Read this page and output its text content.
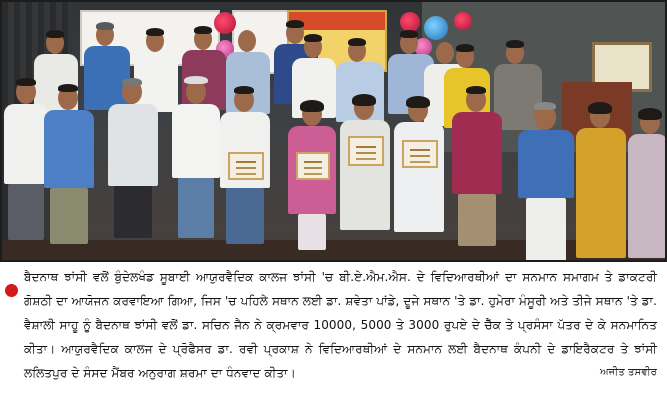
ਬੈਦਨਾਥ ਝਾਂਸੀ ਵਲੋਂ ਬੁੰਦੇਲਖੰਡ ਸੂਬਾਈ ਆਯੁਰਵੈਦਿਕ ਕਾਲਜ ਝਾਂਸੀ 'ਚ ਬੀ.ਏ.ਐਮ.ਐਸ. ਦੇ ਵਿਦਿਆਰਥੀਆਂ ਦਾ ਸਨਮਾਨ ਸਮਾਗਮ ਤੇ ਡਾਕਟਰੀ ਗੋਸ਼ਠੀ ਦਾ ਆਯੋਜਨ ਕਰਵਾਇਆ ਗਿਆ, ਜਿਸ 'ਚ ਪਹਿਲੇ ਸਥਾਨ ਲਈ ਡਾ. ਸ਼ਵੇਤਾ ਪਾਂਡੇ, ਦੂਜੇ ਸਥਾਨ 'ਤੇ ਡਾ. ਹੁਮੇਰਾ ਮੰਸੂਰੀ ਅਤੇ ਤੀਜੇ ਸਥਾਨ 'ਤੇ ਡਾ. ਵੈਸ਼ਾਲੀ ਸਾਹੂ ਨੂੰ ਬੈਦਨਾਥ ਝਾਂਸੀ ਵਲੋਂ ਡਾ. ਸਚਿਨ ਜੈਨ ਨੇ ਕ੍ਰਮਵਾਰ 10000, 5000 ਤੇ 3000 ਰੁਪਏ ਦੇ ਚੈੱਕ ਤੇ ਪ੍ਰਸੰਸਾ ਪੱਤਰ ਦੇ ਕੇ ਸਨਮਾਨਿਤ ਕੀਤਾ। ਆਯੁਰਵੈਦਿਕ ਕਾਲਜ ਦੇ ਪ੍ਰੋਫੈਸਰ ਡਾ. ਰਵੀ ਪ੍ਰਕਾਸ਼ ਨੇ ਵਿਦਿਆਰਥੀਆਂ ਦੇ ਸਨਮਾਨ ਲਈ ਬੈਦਨਾਥ ਕੰਪਨੀ ਦੇ ਡਾਇਰੈਕਟਰ ਤੇ ਝਾਂਸੀ ਲਲਿਤਪੁਰ ਦੇ ਸੰਸਦ ਮੈਂਬਰ ਅਨੁਰਾਗ ਸ਼ਰਮਾ ਦਾ ਧੰਨਵਾਦ ਕੀਤਾ।	ਅਜੀਤ ਤਸਵੀਰ
